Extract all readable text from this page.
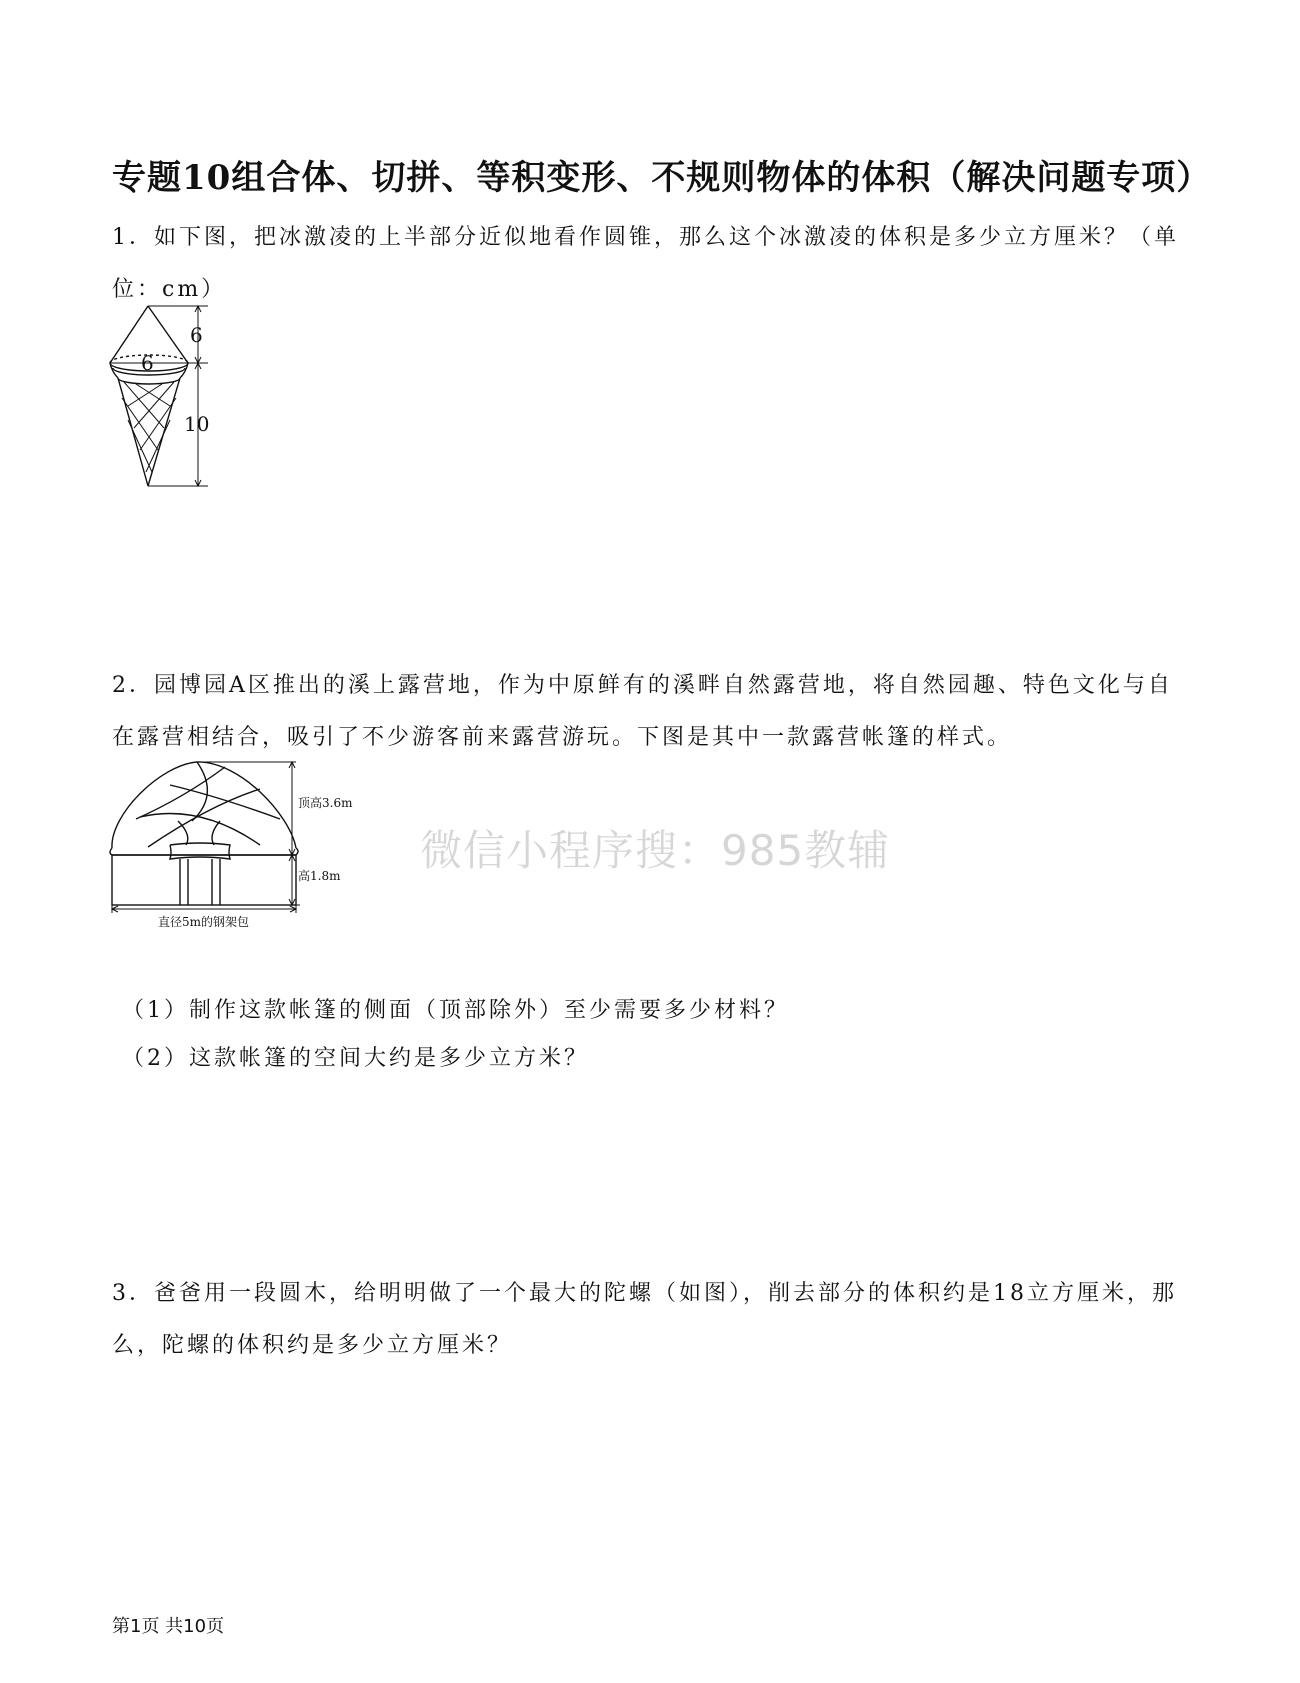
专题10组合体、切拼、等积变形、不规则物体的体积（解决问题专项）
1．如下图，把冰激凌的上半部分近似地看作圆锥，那么这个冰激凌的体积是多少立方厘米？（单位：cm）
6
6
10
2．园博园A区推出的溪上露营地，作为中原鲜有的溪畔自然露营地，将自然园趣、特色文化与自在露营相结合，吸引了不少游客前来露营游玩。下图是其中一款露营帐篷的样式。
顶高3.6m
高1.8m
直径5m的钢架包
微信小程序搜：985教辅
（1）制作这款帐篷的侧面（顶部除外）至少需要多少材料？
（2）这款帐篷的空间大约是多少立方米？
3．爸爸用一段圆木，给明明做了一个最大的陀螺（如图），削去部分的体积约是18立方厘米，那么，陀螺的体积约是多少立方厘米？
第1页 共10页
